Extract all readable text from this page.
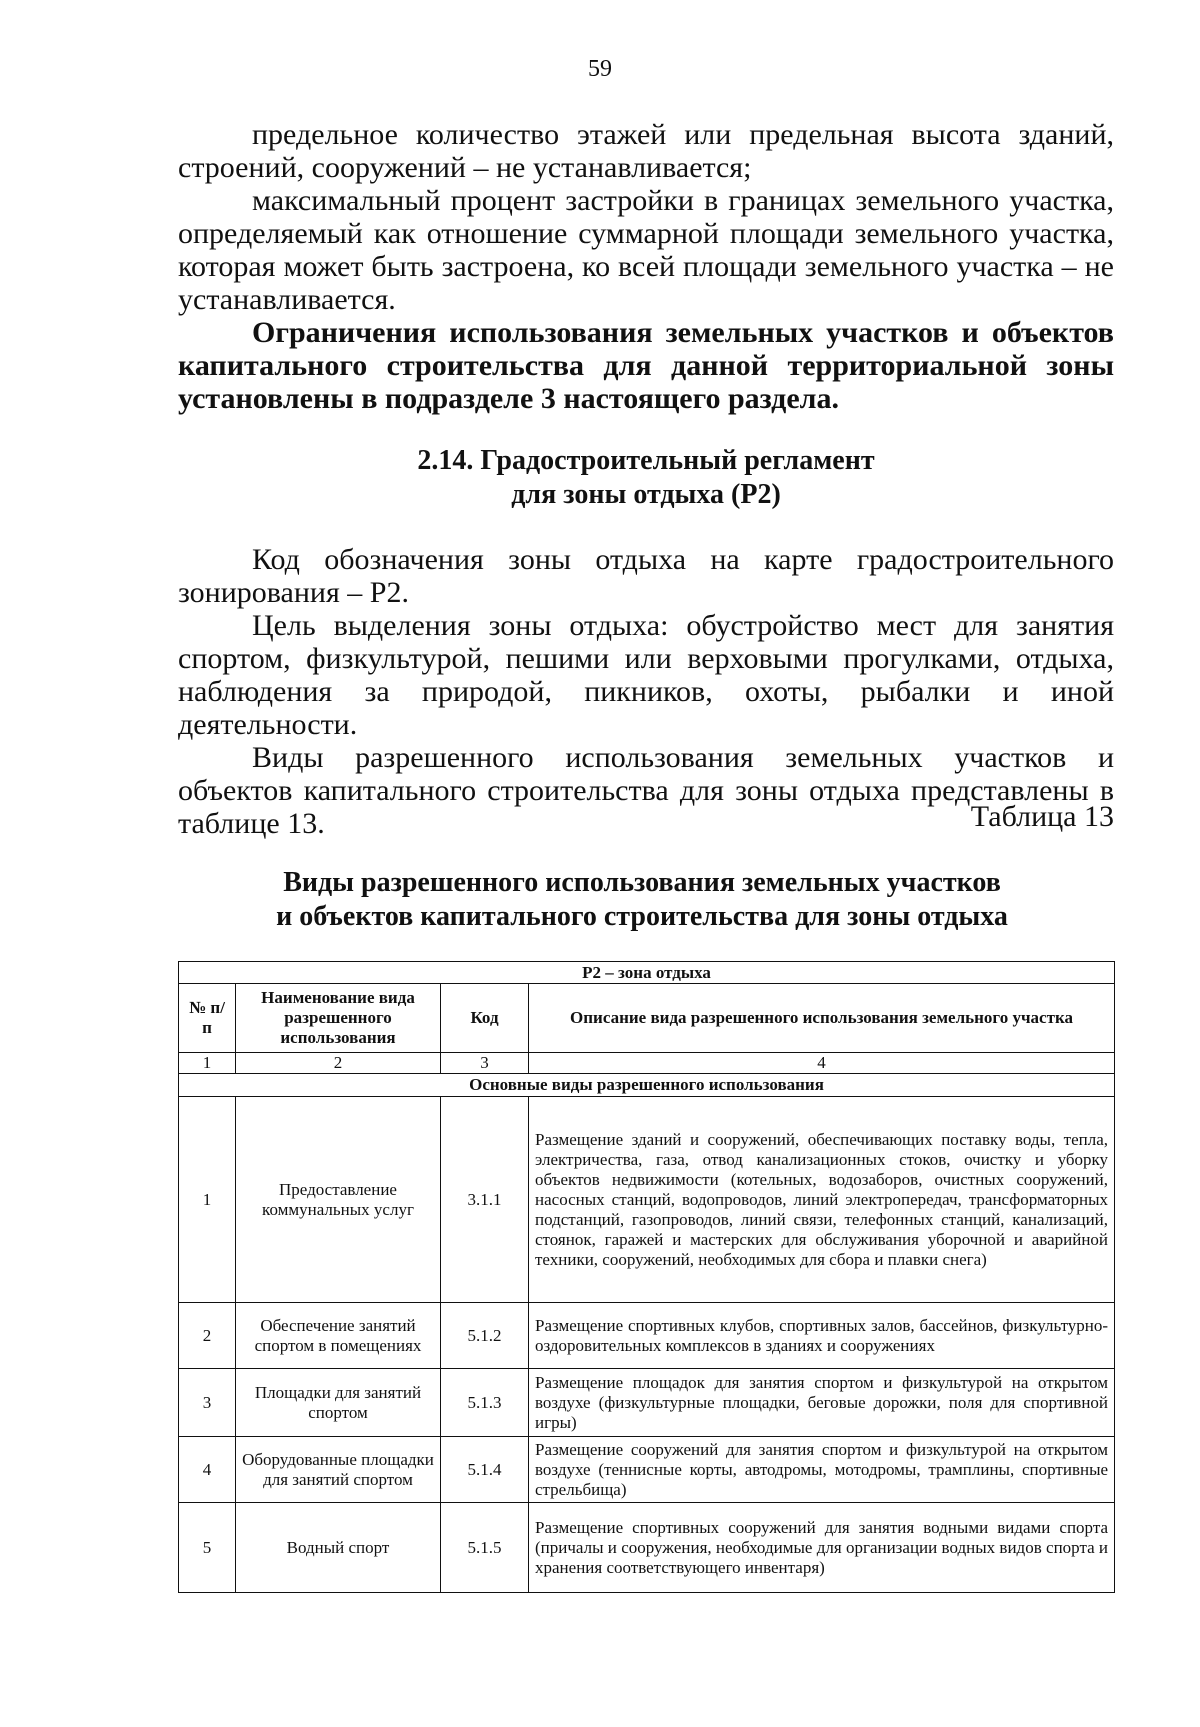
59

предельное количество этажей или предельная высота зданий, строений, сооружений – не устанавливается;

максимальный процент застройки в границах земельного участка, определяемый как отношение суммарной площади земельного участка, которая может быть застроена, ко всей площади земельного участка – не устанавливается.

Ограничения использования земельных участков и объектов капитального строительства для данной территориальной зоны установлены в подразделе 3 настоящего раздела.

2.14. Градостроительный регламент
для зоны отдыха (Р2)

Код обозначения зоны отдыха на карте градостроительного зонирования – Р2.

Цель выделения зоны отдыха: обустройство мест для занятия спортом, физкультурой, пешими или верховыми прогулками, отдыха, наблюдения за природой, пикников, охоты, рыбалки и иной деятельности.

Виды разрешенного использования земельных участков и объектов капитального строительства для зоны отдыха представлены в таблице 13.	Таблица 13
Виды разрешенного использования земельных участков
и объектов капитального строительства для зоны отдыха
Р2 – зона отдыха			
№ п/п	Наименование вида разрешенного использования	Код	Описание вида разрешенного использования земельного участка
1	2	3	4
Основные виды разрешенного использования			
1	Предоставление коммунальных услуг	3.1.1	Размещение зданий и сооружений, обеспечивающих поставку воды, тепла, электричества, газа, отвод канализационных стоков, очистку и уборку объектов недвижимости (котельных, водозаборов, очистных сооружений, насосных станций, водопроводов, линий электропередач, трансформаторных подстанций, газопроводов, линий связи, телефонных станций, канализаций, стоянок, гаражей и мастерских для обслуживания уборочной и аварийной техники, сооружений, необходимых для сбора и плавки снега)
2	Обеспечение занятий спортом в помещениях	5.1.2	Размещение спортивных клубов, спортивных залов, бассейнов, физкультурно-оздоровительных комплексов в зданиях и сооружениях
3	Площадки для занятий спортом	5.1.3	Размещение площадок для занятия спортом и физкультурой на открытом воздухе (физкультурные площадки, беговые дорожки, поля для спортивной игры)
4	Оборудованные площадки для занятий спортом	5.1.4	Размещение сооружений для занятия спортом и физкультурой на открытом воздухе (теннисные корты, автодромы, мотодромы, трамплины, спортивные стрельбища)
5	Водный спорт	5.1.5	Размещение спортивных сооружений для занятия водными видами спорта (причалы и сооружения, необходимые для организации водных видов спорта и хранения соответствующего инвентаря)
